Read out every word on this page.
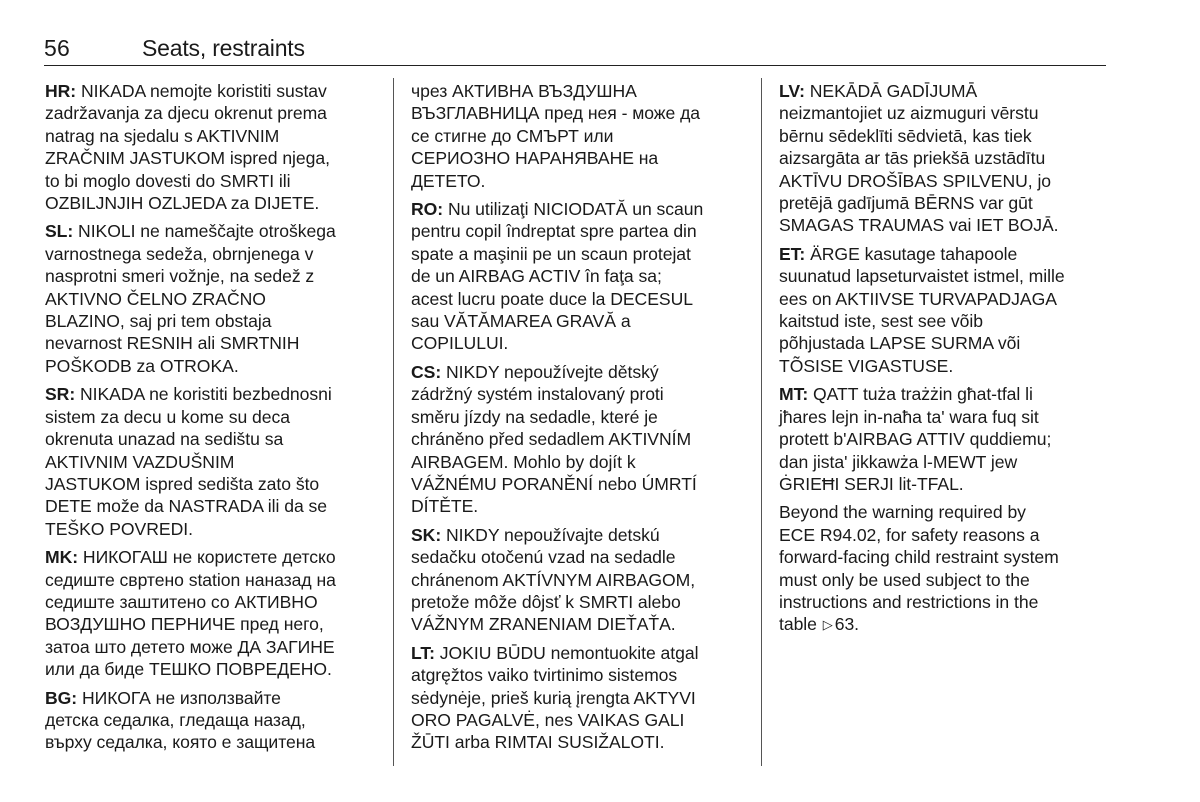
56	Seats, restraints
HR: NIKADA nemojte koristiti sustav
zadržavanja za djecu okrenut prema
natrag na sjedalu s AKTIVNIM
ZRAČNIM JASTUKOM ispred njega,
to bi moglo dovesti do SMRTI ili
OZBILJNJIH OZLJEDA za DIJETE.
SL: NIKOLI ne nameščajte otroškega
varnostnega sedeža, obrnjenega v
nasprotni smeri vožnje, na sedež z
AKTIVNO ČELNO ZRAČNO
BLAZINO, saj pri tem obstaja
nevarnost RESNIH ali SMRTNIH
POŠKODB za OTROKA.
SR: NIKADA ne koristiti bezbednosni
sistem za decu u kome su deca
okrenuta unazad na sedištu sa
AKTIVNIM VAZDUŠNIM
JASTUKOM ispred sedišta zato što
DETE može da NASTRADA ili da se
TEŠKO POVREDI.
MK: НИКОГАШ не користете детско
седиште свртено station наназад на
седиште заштитено со АКТИВНО
ВОЗДУШНО ПЕРНИЧЕ пред него,
затоа што детето може ДА ЗАГИНЕ
или да биде ТЕШКО ПОВРЕДЕНО.
BG: НИКОГА не използвайте
детска седалка, гледаща назад,
върху седалка, която е защитена
чрез АКТИВНА ВЪЗДУШНА
ВЪЗГЛАВНИЦА пред нея - може да
се стигне до СМЪРТ или
СЕРИОЗНО НАРАНЯВАНЕ на
ДЕТЕТО.
RO: Nu utilizaţi NICIODATĂ un scaun
pentru copil îndreptat spre partea din
spate a maşinii pe un scaun protejat
de un AIRBAG ACTIV în faţa sa;
acest lucru poate duce la DECESUL
sau VĂTĂMAREA GRAVĂ a
COPILULUI.
CS: NIKDY nepoužívejte dětský
zádržný systém instalovaný proti
směru jízdy na sedadle, které je
chráněno před sedadlem AKTIVNÍM
AIRBAGEM. Mohlo by dojít k
VÁŽNÉMU PORANĚNÍ nebo ÚMRTÍ
DÍTĚTE.
SK: NIKDY nepoužívajte detskú
sedačku otočenú vzad na sedadle
chránenom AKTÍVNYM AIRBAGOM,
pretože môže dôjsť k SMRTI alebo
VÁŽNYM ZRANENIAM DIEŤAŤA.
LT: JOKIU BŪDU nemontuokite atgal
atgręžtos vaiko tvirtinimo sistemos
sėdynėje, prieš kurią įrengta AKTYVI
ORO PAGALVĖ, nes VAIKAS GALI
ŽŪTI arba RIMTAI SUSIŽALOTI.
LV: NEKĀDĀ GADĪJUMĀ
neizmantojiet uz aizmuguri vērstu
bērnu sēdeklīti sēdvietā, kas tiek
aizsargāta ar tās priekšā uzstādītu
AKTĪVU DROŠĪBAS SPILVENU, jo
pretējā gadījumā BĒRNS var gūt
SMAGAS TRAUMAS vai IET BOJĀ.
ET: ÄRGE kasutage tahapoole
suunatud lapseturvaistet istmel, mille
ees on AKTIIVSE TURVAPADJAGA
kaitstud iste, sest see võib
põhjustada LAPSE SURMA või
TÕSISE VIGASTUSE.
MT: QATT tuża trażżin għat-tfal li
jħares lejn in-naħa ta' wara fuq sit
protett b'AIRBAG ATTIV quddiemu;
dan jista' jikkawża l-MEWT jew
ĠRIEĦI SERJI lit-TFAL.
Beyond the warning required by
ECE R94.02, for safety reasons a
forward-facing child restraint system
must only be used subject to the
instructions and restrictions in the
table ▷ 63.
